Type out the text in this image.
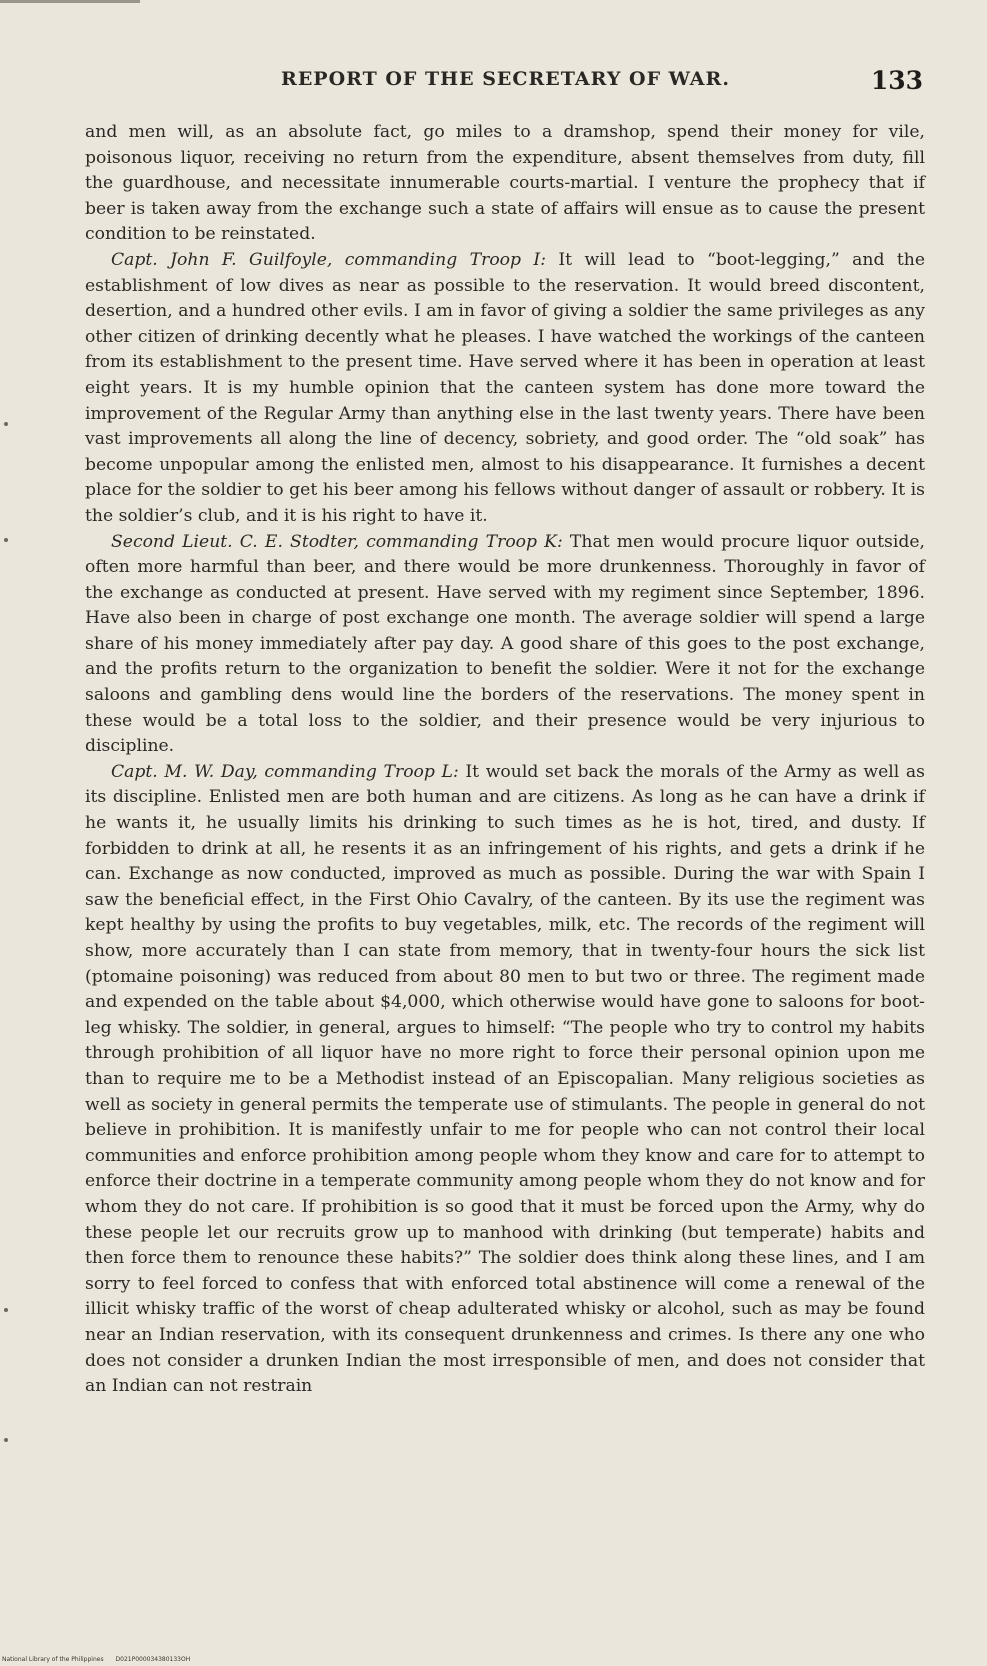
REPORT OF THE SECRETARY OF WAR.	133

and men will, as an absolute fact, go miles to a dramshop, spend their money for vile, poisonous liquor, receiving no return from the expenditure, absent themselves from duty, fill the guardhouse, and necessitate innumerable courts-martial. I venture the prophecy that if beer is taken away from the exchange such a state of affairs will ensue as to cause the present condition to be reinstated.

Capt. John F. Guilfoyle, commanding Troop I: It will lead to “boot-legging,” and the establishment of low dives as near as possible to the reservation. It would breed discontent, desertion, and a hundred other evils. I am in favor of giving a soldier the same privileges as any other citizen of drinking decently what he pleases. I have watched the workings of the canteen from its establishment to the present time. Have served where it has been in operation at least eight years. It is my humble opinion that the canteen system has done more toward the improvement of the Regular Army than anything else in the last twenty years. There have been vast improvements all along the line of decency, sobriety, and good order. The “old soak” has become unpopular among the enlisted men, almost to his disappearance. It furnishes a decent place for the soldier to get his beer among his fellows without danger of assault or robbery. It is the soldier’s club, and it is his right to have it.

Second Lieut. C. E. Stodter, commanding Troop K: That men would procure liquor outside, often more harmful than beer, and there would be more drunkenness. Thoroughly in favor of the exchange as conducted at present. Have served with my regiment since September, 1896. Have also been in charge of post exchange one month. The average soldier will spend a large share of his money immediately after pay day. A good share of this goes to the post exchange, and the profits return to the organization to benefit the soldier. Were it not for the exchange saloons and gambling dens would line the borders of the reservations. The money spent in these would be a total loss to the soldier, and their presence would be very injurious to discipline.

Capt. M. W. Day, commanding Troop L: It would set back the morals of the Army as well as its discipline. Enlisted men are both human and are citizens. As long as he can have a drink if he wants it, he usually limits his drinking to such times as he is hot, tired, and dusty. If forbidden to drink at all, he resents it as an infringement of his rights, and gets a drink if he can. Exchange as now conducted, improved as much as possible. During the war with Spain I saw the beneficial effect, in the First Ohio Cavalry, of the canteen. By its use the regiment was kept healthy by using the profits to buy vegetables, milk, etc. The records of the regiment will show, more accurately than I can state from memory, that in twenty-four hours the sick list (ptomaine poisoning) was reduced from about 80 men to but two or three. The regiment made and expended on the table about $4,000, which otherwise would have gone to saloons for boot-leg whisky. The soldier, in general, argues to himself: “The people who try to control my habits through prohibition of all liquor have no more right to force their personal opinion upon me than to require me to be a Methodist instead of an Episcopalian. Many religious societies as well as society in general permits the temperate use of stimulants. The people in general do not believe in prohibition. It is manifestly unfair to me for people who can not control their local communities and enforce prohibition among people whom they know and care for to attempt to enforce their doctrine in a temperate community among people whom they do not know and for whom they do not care. If prohibition is so good that it must be forced upon the Army, why do these people let our recruits grow up to manhood with drinking (but temperate) habits and then force them to renounce these habits?” The soldier does think along these lines, and I am sorry to feel forced to confess that with enforced total abstinence will come a renewal of the illicit whisky traffic of the worst of cheap adulterated whisky or alcohol, such as may be found near an Indian reservation, with its consequent drunkenness and crimes. Is there any one who does not consider a drunken Indian the most irresponsible of men, and does not consider that an Indian can not restrain

National Library of the Philippines D021P000034380133OH
